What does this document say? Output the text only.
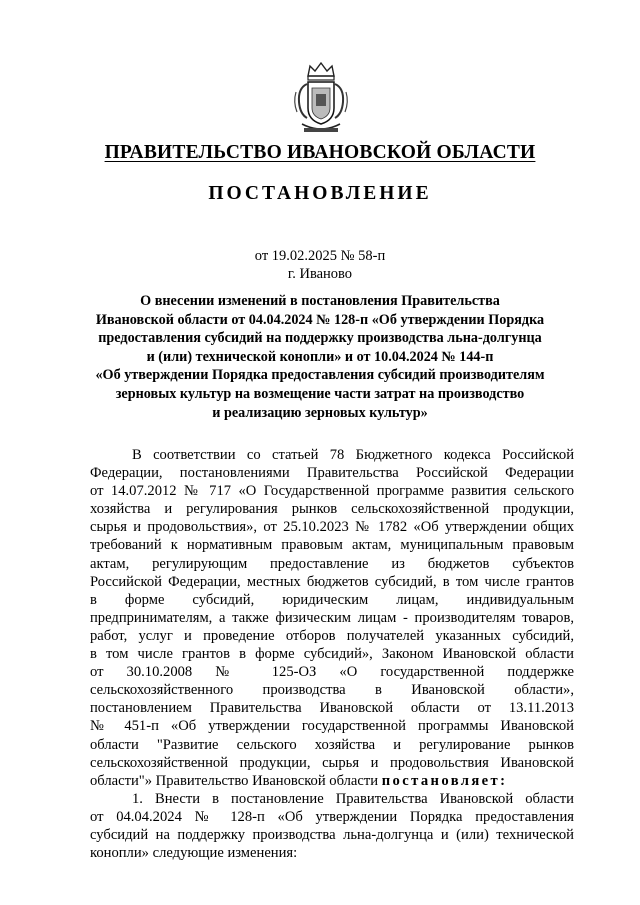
ПРАВИТЕЛЬСТВО ИВАНОВСКОЙ ОБЛАСТИ
ПОСТАНОВЛЕНИЕ
от 19.02.2025 № 58-п
г. Иваново
О внесении изменений в постановления Правительства
Ивановской области от 04.04.2024 № 128-п «Об утверждении Порядка
предоставления субсидий на поддержку производства льна-долгунца
и (или) технической конопли» и от 10.04.2024 № 144-п
«Об утверждении Порядка предоставления субсидий производителям
зерновых культур на возмещение части затрат на производство
и реализацию зерновых культур»
В соответствии со статьей 78 Бюджетного кодекса Российской
Федерации, постановлениями Правительства Российской Федерации
от 14.07.2012 № 717 «О Государственной программе развития сельского
хозяйства и регулирования рынков сельскохозяйственной продукции,
сырья и продовольствия», от 25.10.2023 № 1782 «Об утверждении общих
требований к нормативным правовым актам, муниципальным правовым
актам, регулирующим предоставление из бюджетов субъектов
Российской Федерации, местных бюджетов субсидий, в том числе грантов
в форме субсидий, юридическим лицам, индивидуальным
предпринимателям, а также физическим лицам - производителям товаров,
работ, услуг и проведение отборов получателей указанных субсидий,
в том числе грантов в форме субсидий», Законом Ивановской области
от 30.10.2008 № 125-ОЗ «О государственной поддержке
сельскохозяйственного производства в Ивановской области»,
постановлением Правительства Ивановской области от 13.11.2013
№ 451-п «Об утверждении государственной программы Ивановской
области "Развитие сельского хозяйства и регулирование рынков
сельскохозяйственной продукции, сырья и продовольствия Ивановской
области"» Правительство Ивановской области постановляет:
1. Внести в постановление Правительства Ивановской области
от 04.04.2024 № 128-п «Об утверждении Порядка предоставления
субсидий на поддержку производства льна-долгунца и (или) технической
конопли» следующие изменения:
